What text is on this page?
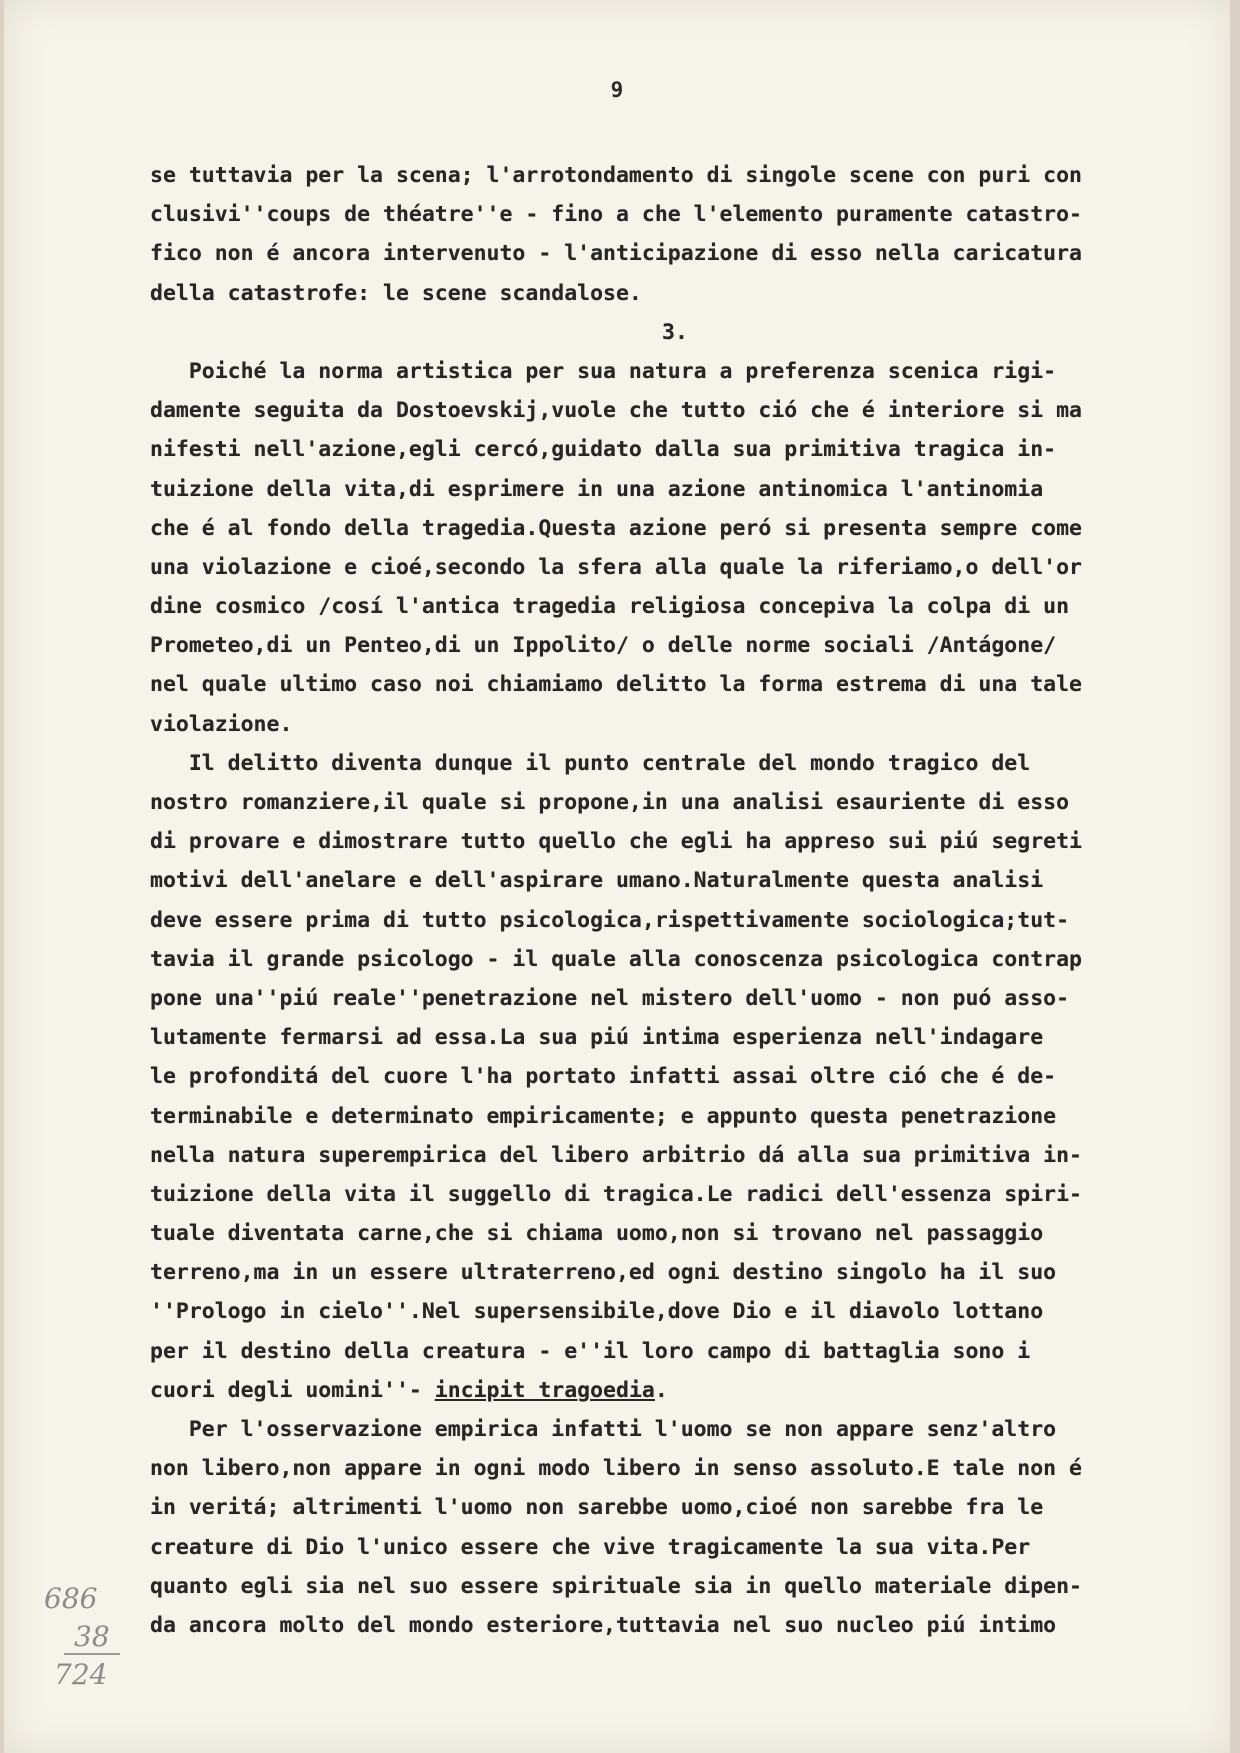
9
se tuttavia per la scena; l'arrotondamento di singole scene con puri con
clusivi''coups de théatre''e - fino a che l'elemento puramente catastro-
fico non é ancora intervenuto - l'anticipazione di esso nella caricatura
della catastrofe: le scene scandalose.
3.
Poiché la norma artistica per sua natura a preferenza scenica rigi-
damente seguita da Dostoevskij,vuole che tutto ció che é interiore si ma
nifesti nell'azione,egli cercó,guidato dalla sua primitiva tragica in-
tuizione della vita,di esprimere in una azione antinomica l'antinomia
che é al fondo della tragedia.Questa azione peró si presenta sempre come
una violazione e cioé,secondo la sfera alla quale la riferiamo,o dell'or
dine cosmico /cosí l'antica tragedia religiosa concepiva la colpa di un
Prometeo,di un Penteo,di un Ippolito/ o delle norme sociali /Antágone/
nel quale ultimo caso noi chiamiamo delitto la forma estrema di una tale
violazione.
Il delitto diventa dunque il punto centrale del mondo tragico del
nostro romanziere,il quale si propone,in una analisi esauriente di esso
di provare e dimostrare tutto quello che egli ha appreso sui piú segreti
motivi dell'anelare e dell'aspirare umano.Naturalmente questa analisi
deve essere prima di tutto psicologica,rispettivamente sociologica;tut-
tavia il grande psicologo - il quale alla conoscenza psicologica contrap
pone una''piú reale''penetrazione nel mistero dell'uomo - non puó asso-
lutamente fermarsi ad essa.La sua piú intima esperienza nell'indagare
le profonditá del cuore l'ha portato infatti assai oltre ció che é de-
terminabile e determinato empiricamente; e appunto questa penetrazione
nella natura superempirica del libero arbitrio dá alla sua primitiva in-
tuizione della vita il suggello di tragica.Le radici dell'essenza spiri-
tuale diventata carne,che si chiama uomo,non si trovano nel passaggio
terreno,ma in un essere ultraterreno,ed ogni destino singolo ha il suo
''Prologo in cielo''.Nel supersensibile,dove Dio e il diavolo lottano
per il destino della creatura - e''il loro campo di battaglia sono i
cuori degli uomini''- incipit tragoedia.
Per l'osservazione empirica infatti l'uomo se non appare senz'altro
non libero,non appare in ogni modo libero in senso assoluto.E tale non é
in veritá; altrimenti l'uomo non sarebbe uomo,cioé non sarebbe fra le
creature di Dio l'unico essere che vive tragicamente la sua vita.Per
quanto egli sia nel suo essere spirituale sia in quello materiale dipen-
da ancora molto del mondo esteriore,tuttavia nel suo nucleo piú intimo
686
38
724
